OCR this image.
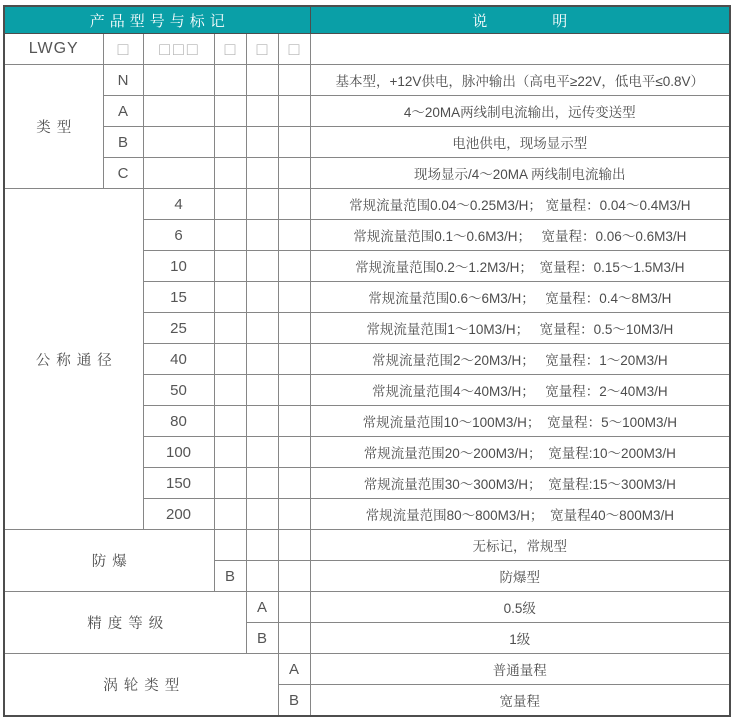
产品型号与标记						说　　　明
LWGY	□	□□□	□	□	□	
类型	N					基本型，+12V供电，脉冲输出（高电平≥22V，低电平≤0.8V）
	A					4～20MA两线制电流输出，远传变送型
	B					电池供电，现场显示型
	C					现场显示/4～20MA 两线制电流输出
公称通径		4				常规流量范围0.04～0.25M3/H； 宽量程：0.04～0.4M3/H
		6				常规流量范围0.1～0.6M3/H；　 宽量程：0.06～0.6M3/H
		10				常规流量范围0.2～1.2M3/H；　宽量程：0.15～1.5M3/H
		15				常规流量范围0.6～6M3/H；　 宽量程：0.4～8M3/H
		25				常规流量范围1～10M3/H；　 宽量程：0.5～10M3/H
		40				常规流量范围2～20M3/H；　 宽量程：1～20M3/H
		50				常规流量范围4～40M3/H；　 宽量程：2～40M3/H
		80				常规流量范围10～100M3/H；　宽量程：5～100M3/H
		100				常规流量范围20～200M3/H；　宽量程:10～200M3/H
		150				常规流量范围30～300M3/H；　宽量程:15～300M3/H
		200				常规流量范围80～800M3/H；　宽量程40～800M3/H
防爆						无标记，常规型
			B			防爆型
精度等级				A		0.5级
				B		1级
涡轮类型					A	普通量程
					B	宽量程
